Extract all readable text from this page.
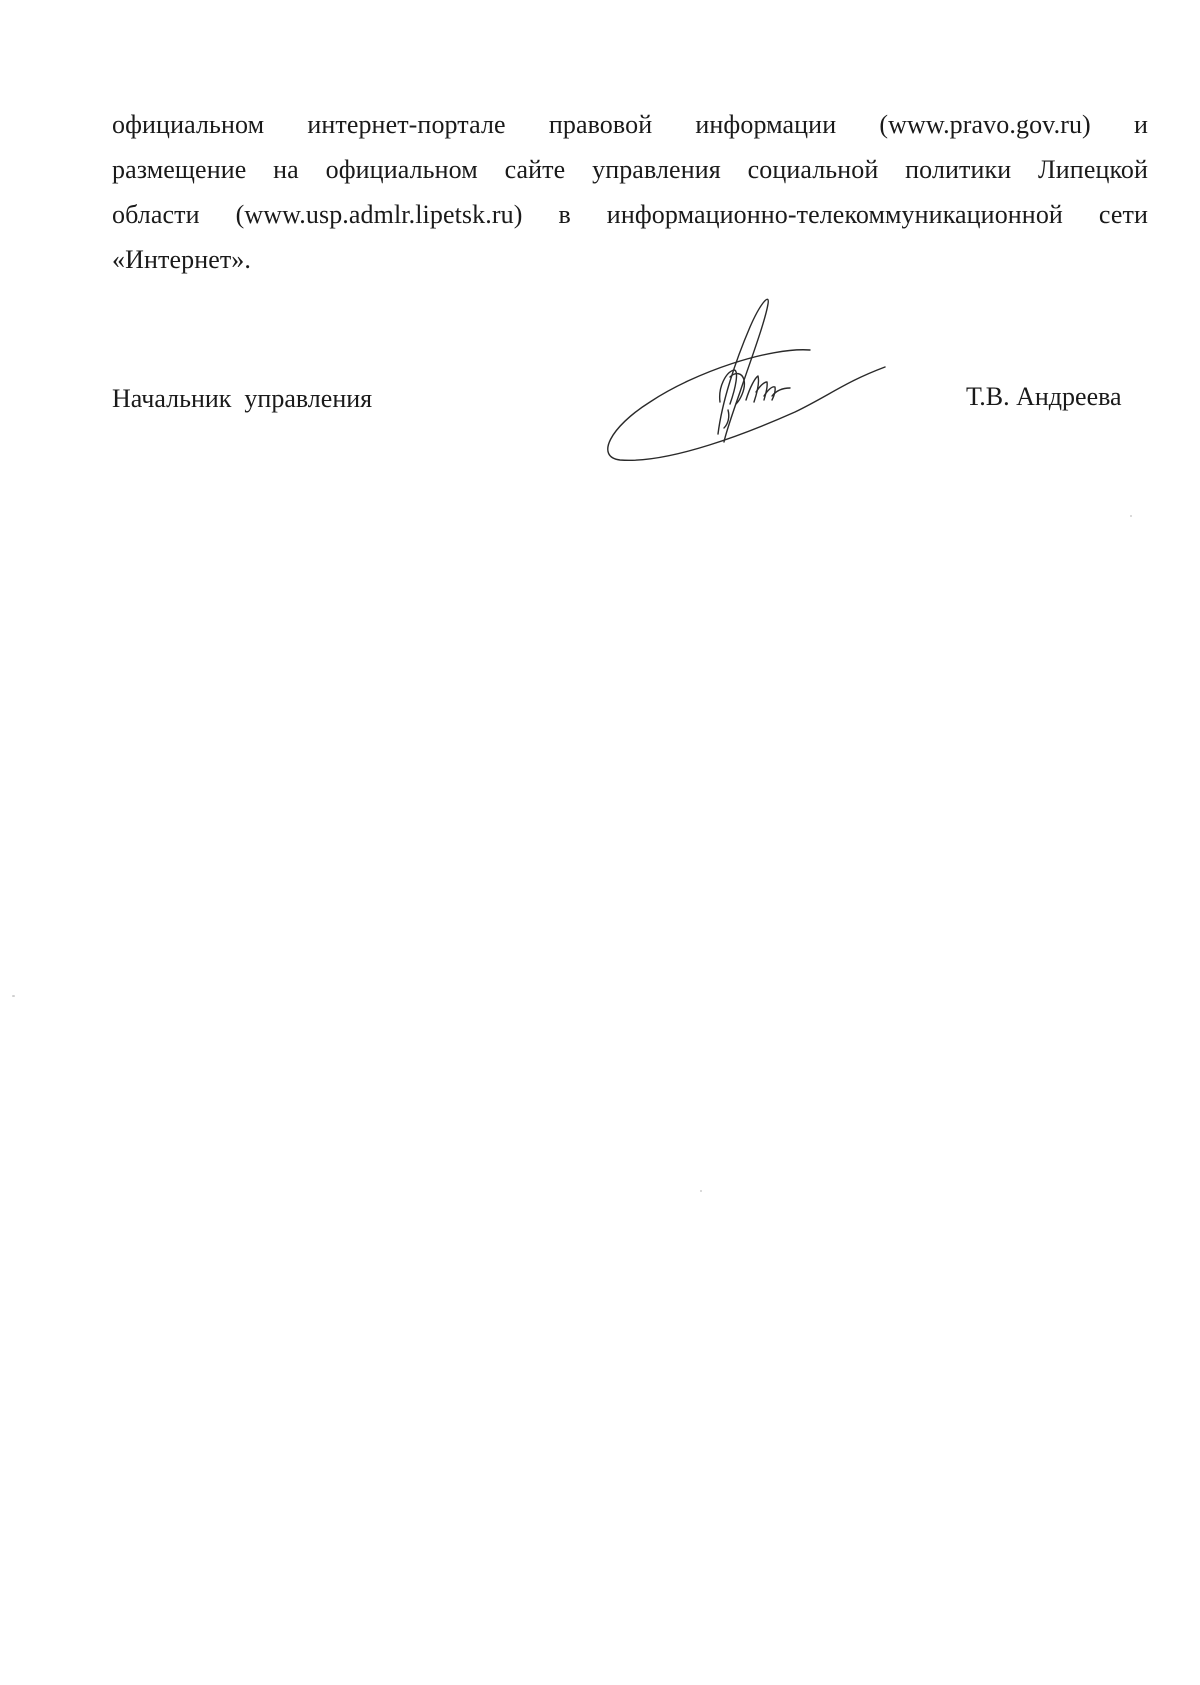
официальном интернет-портале правовой информации (www.pravo.gov.ru) и
размещение на официальном сайте управления социальной политики Липецкой
области (www.usp.admlr.lipetsk.ru) в информационно-телекоммуникационной сети
«Интернет».
Начальник  управления	Т.В. Андреева
